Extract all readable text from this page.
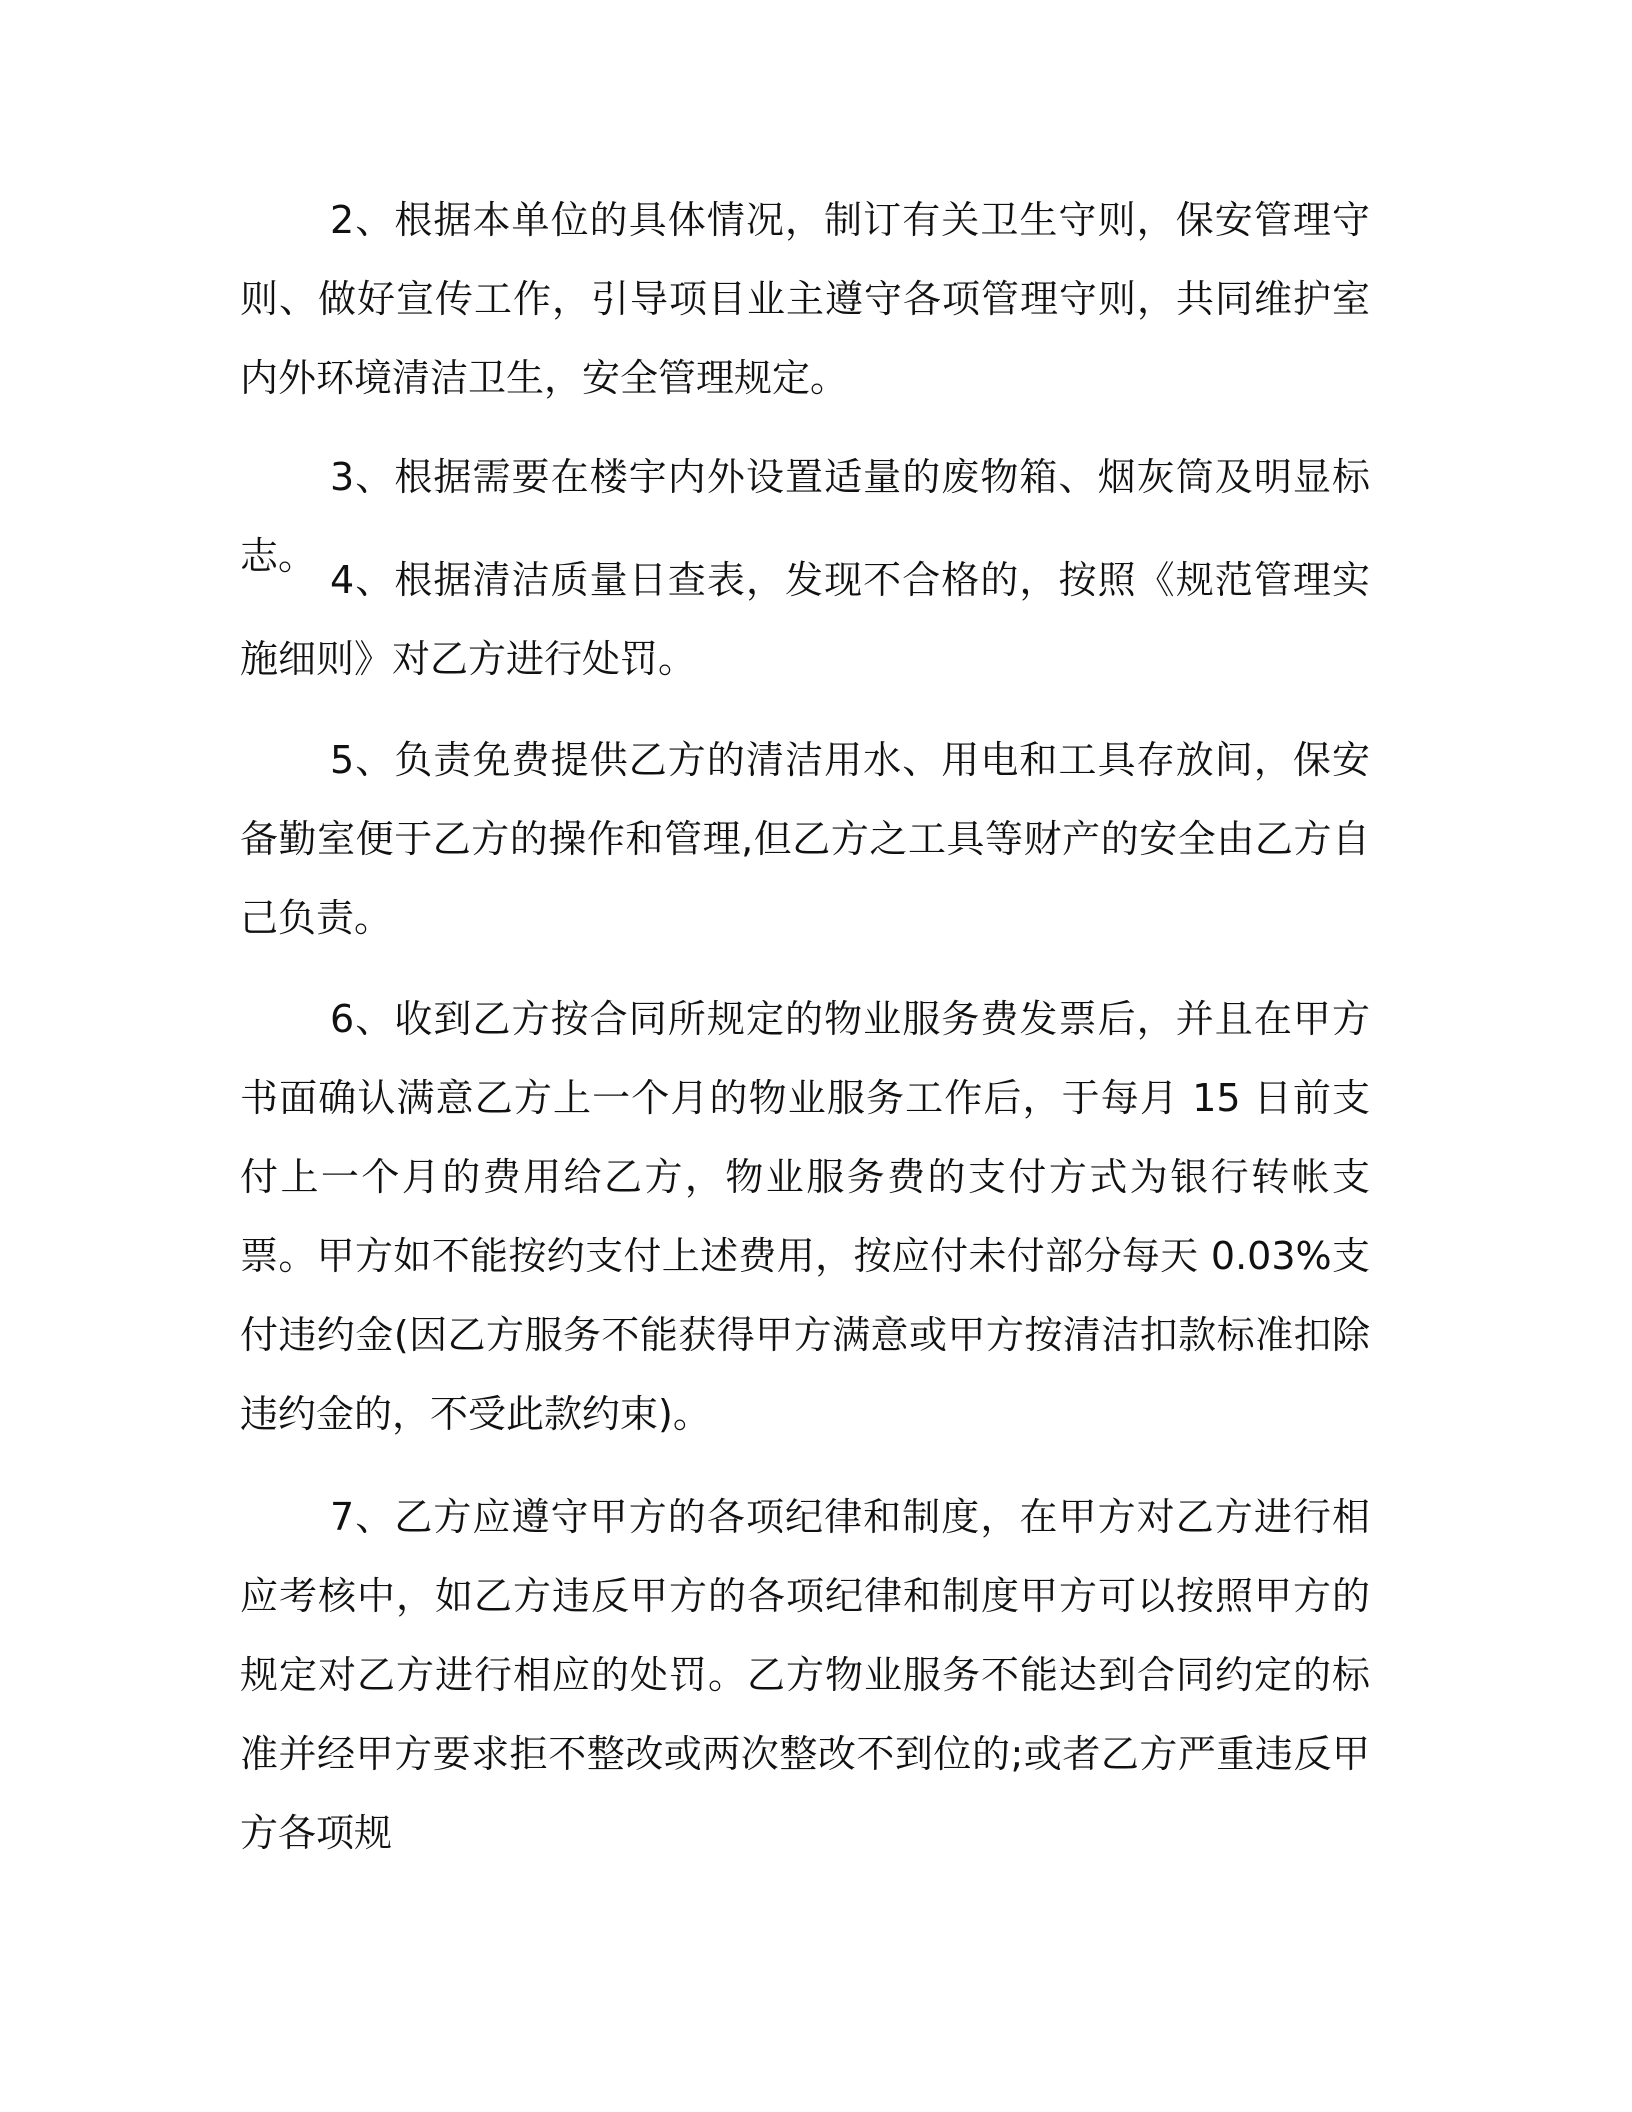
2、根据本单位的具体情况，制订有关卫生守则，保安管理守则、做好宣传工作，引导项目业主遵守各项管理守则，共同维护室内外环境清洁卫生，安全管理规定。

3、根据需要在楼宇内外设置适量的废物箱、烟灰筒及明显标志。

4、根据清洁质量日查表，发现不合格的，按照《规范管理实施细则》对乙方进行处罚。

5、负责免费提供乙方的清洁用水、用电和工具存放间，保安备勤室便于乙方的操作和管理,但乙方之工具等财产的安全由乙方自己负责。

6、收到乙方按合同所规定的物业服务费发票后，并且在甲方书面确认满意乙方上一个月的物业服务工作后，于每月 15 日前支付上一个月的费用给乙方，物业服务费的支付方式为银行转帐支票。甲方如不能按约支付上述费用，按应付未付部分每天 0.03%支付违约金(因乙方服务不能获得甲方满意或甲方按清洁扣款标准扣除违约金的，不受此款约束)。

7、乙方应遵守甲方的各项纪律和制度，在甲方对乙方进行相应考核中，如乙方违反甲方的各项纪律和制度甲方可以按照甲方的规定对乙方进行相应的处罚。乙方物业服务不能达到合同约定的标准并经甲方要求拒不整改或两次整改不到位的;或者乙方严重违反甲方各项规
